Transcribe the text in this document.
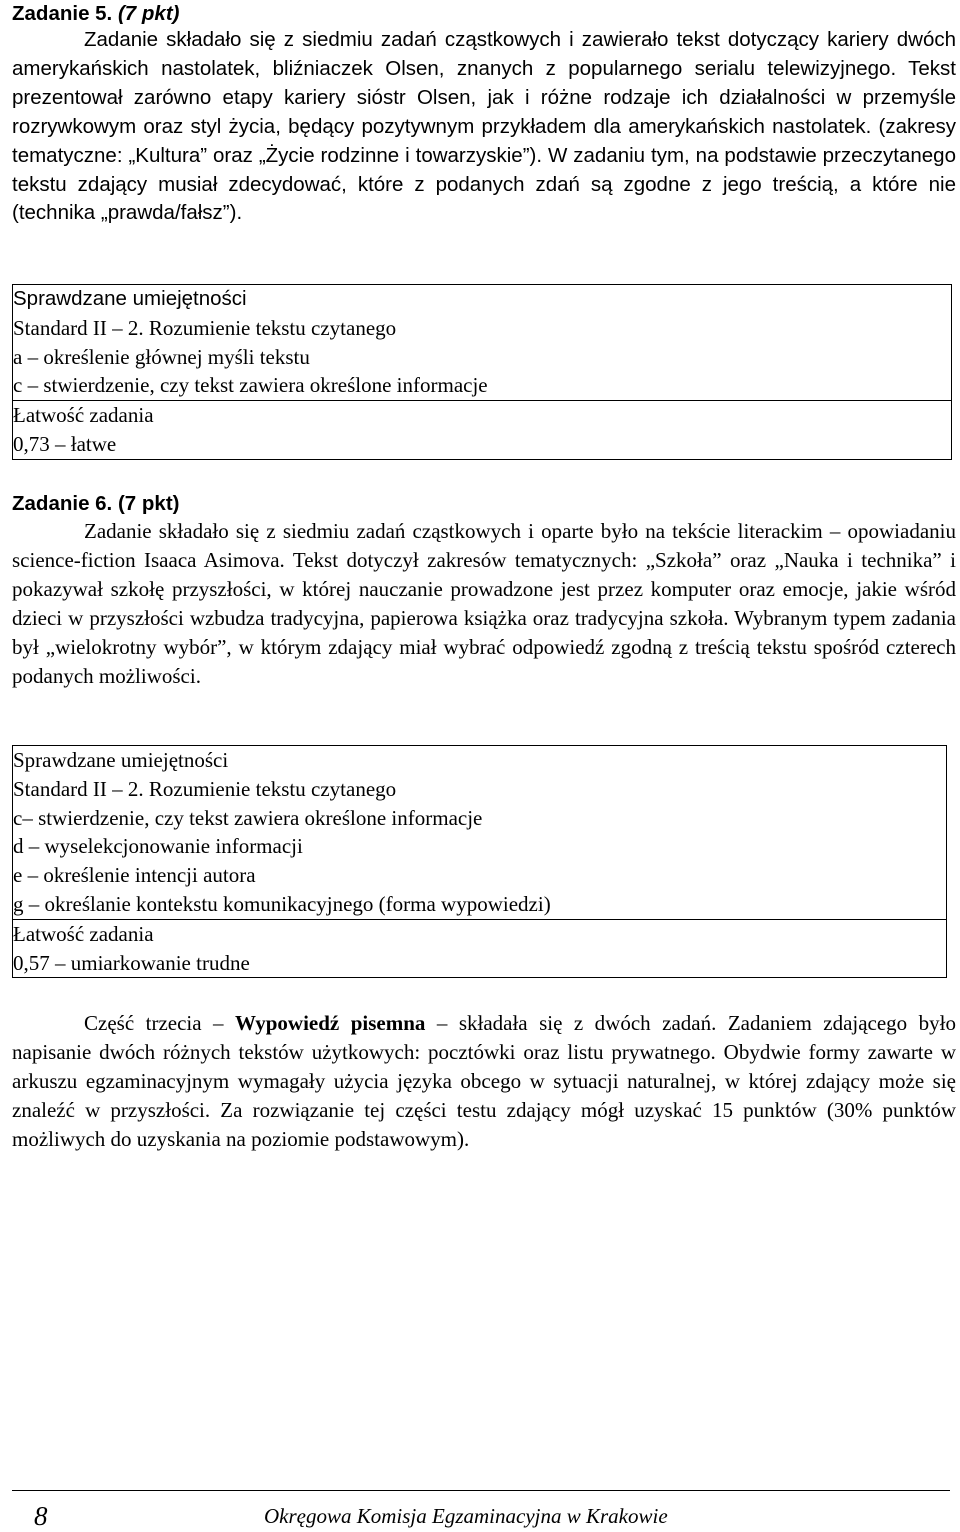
Zadanie 5. (7 pkt)

Zadanie składało się z siedmiu zadań cząstkowych i zawierało tekst dotyczący kariery dwóch amerykańskich nastolatek, bliźniaczek Olsen, znanych z popularnego serialu telewizyjnego. Tekst prezentował zarówno etapy kariery sióstr Olsen, jak i różne rodzaje ich działalności w przemyśle rozrywkowym oraz styl życia, będący pozytywnym przykładem dla amerykańskich nastolatek. (zakresy tematyczne: „Kultura” oraz „Życie rodzinne i towarzyskie”). W zadaniu tym, na podstawie przeczytanego tekstu zdający musiał zdecydować, które z podanych zdań są zgodne z jego treścią, a które nie (technika „prawda/fałsz”).

Sprawdzane umiejętności
Standard II – 2. Rozumienie tekstu czytanego
a – określenie głównej myśli tekstu
c – stwierdzenie, czy tekst zawiera określone informacje
Łatwość zadania
0,73 – łatwe

Zadanie 6. (7 pkt)

Zadanie składało się z siedmiu zadań cząstkowych i oparte było na tekście literackim – opowiadaniu science-fiction Isaaca Asimova. Tekst dotyczył zakresów tematycznych: „Szkoła” oraz „Nauka i technika” i pokazywał szkołę przyszłości, w której nauczanie prowadzone jest przez komputer oraz emocje, jakie wśród dzieci w przyszłości wzbudza tradycyjna, papierowa książka oraz tradycyjna szkoła. Wybranym typem zadania był „wielokrotny wybór”, w którym zdający miał wybrać odpowiedź zgodną z treścią tekstu spośród czterech podanych możliwości.

Sprawdzane umiejętności
Standard II – 2. Rozumienie tekstu czytanego
c– stwierdzenie, czy tekst zawiera określone informacje
d – wyselekcjonowanie informacji
e – określenie intencji autora
g – określanie kontekstu komunikacyjnego (forma wypowiedzi)
Łatwość zadania
0,57 – umiarkowanie trudne

Część trzecia – Wypowiedź pisemna – składała się z dwóch zadań. Zadaniem zdającego było napisanie dwóch różnych tekstów użytkowych: pocztówki oraz listu prywatnego. Obydwie formy zawarte w arkuszu egzaminacyjnym wymagały użycia języka obcego w sytuacji naturalnej, w której zdający może się znaleźć w przyszłości. Za rozwiązanie tej części testu zdający mógł uzyskać 15 punktów (30% punktów możliwych do uzyskania na poziomie podstawowym).

8	Okręgowa Komisja Egzaminacyjna w Krakowie
